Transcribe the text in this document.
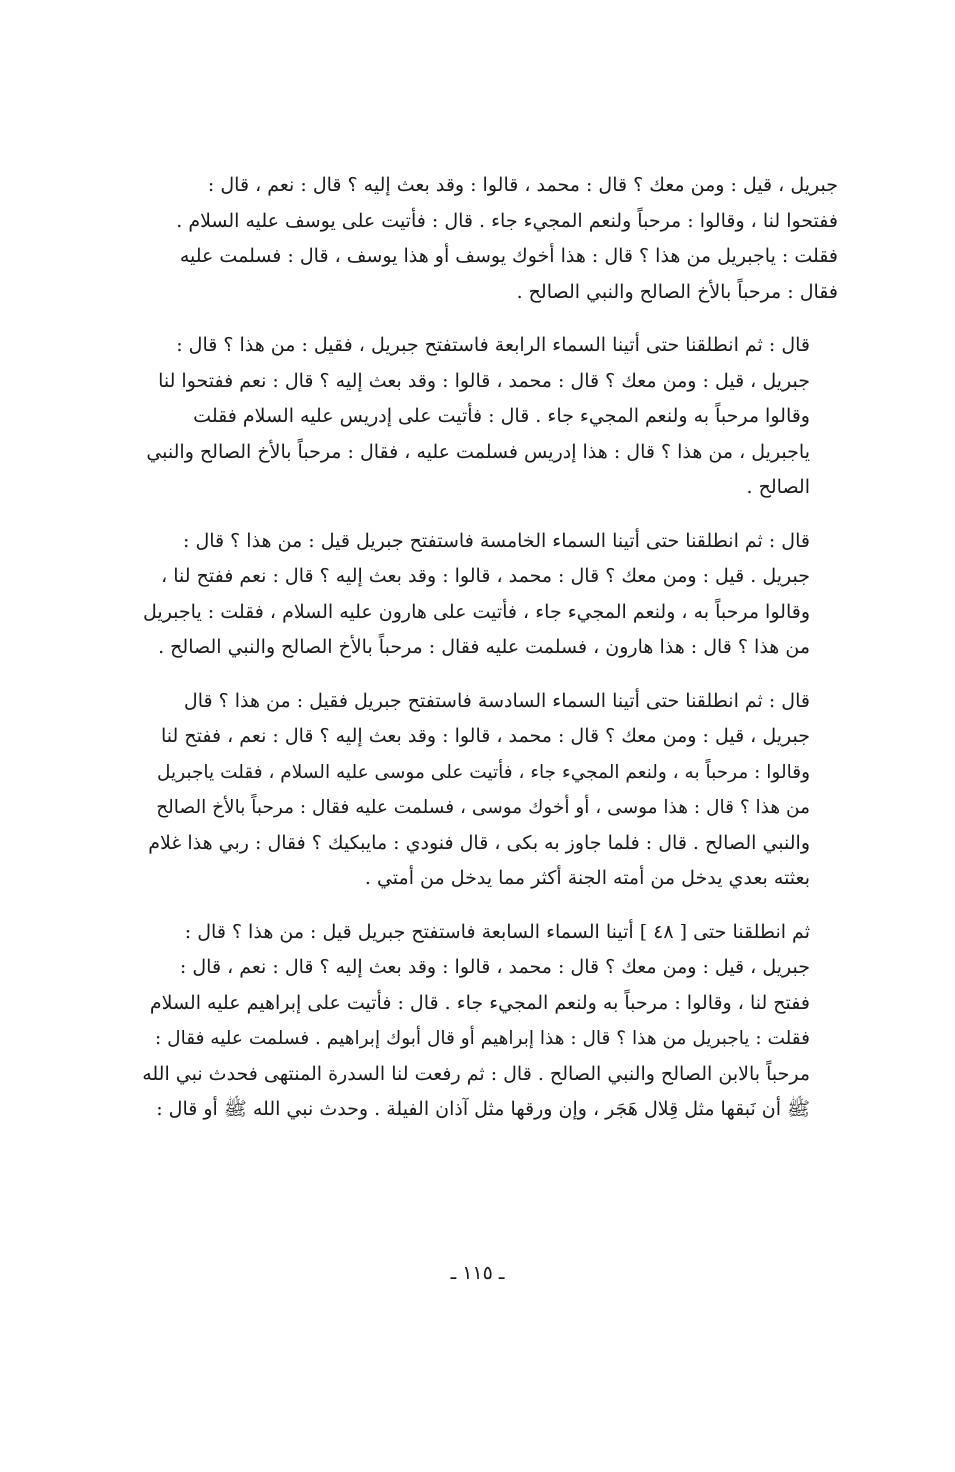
جبريل ، قيل : ومن معك ؟ قال : محمد ، قالوا : وقد بعث إليه ؟ قال : نعم ، قال :
ففتحوا لنا ، وقالوا : مرحباً ولنعم المجيء جاء . قال : فأتيت على يوسف عليه السلام .
فقلت : ياجبريل من هذا ؟ قال : هذا أخوك يوسف أو هذا يوسف ، قال : فسلمت عليه
فقال : مرحباً بالأخ الصالح والنبي الصالح .

قال : ثم انطلقنا حتى أتينا السماء الرابعة فاستفتح جبريل ، فقيل : من هذا ؟ قال :
جبريل ، قيل : ومن معك ؟ قال : محمد ، قالوا : وقد بعث إليه ؟ قال : نعم ففتحوا لنا
وقالوا مرحباً به ولنعم المجيء جاء . قال : فأتيت على إدريس عليه السلام فقلت
ياجبريل ، من هذا ؟ قال : هذا إدريس فسلمت عليه ، فقال : مرحباً بالأخ الصالح والنبي
الصالح .

قال : ثم انطلقنا حتى أتينا السماء الخامسة فاستفتح جبريل قيل : من هذا ؟ قال :
جبريل . قيل : ومن معك ؟ قال : محمد ، قالوا : وقد بعث إليه ؟ قال : نعم ففتح لنا ،
وقالوا مرحباً به ، ولنعم المجيء جاء ، فأتيت على هارون عليه السلام ، فقلت : ياجبريل
من هذا ؟ قال : هذا هارون ، فسلمت عليه فقال : مرحباً بالأخ الصالح والنبي الصالح .

قال : ثم انطلقنا حتى أتينا السماء السادسة فاستفتح جبريل فقيل : من هذا ؟ قال
جبريل ، قيل : ومن معك ؟ قال : محمد ، قالوا : وقد بعث إليه ؟ قال : نعم ، ففتح لنا
وقالوا : مرحباً به ، ولنعم المجيء جاء ، فأتيت على موسى عليه السلام ، فقلت ياجبريل
من هذا ؟ قال : هذا موسى ، أو أخوك موسى ، فسلمت عليه فقال : مرحباً بالأخ الصالح
والنبي الصالح . قال : فلما جاوز به بكى ، قال فنودي : مايبكيك ؟ فقال : ربي هذا غلام
بعثته بعدي يدخل من أمته الجنة أكثر مما يدخل من أمتي .

ثم انطلقنا حتى [ ٤٨ ] أتينا السماء السابعة فاستفتح جبريل قيل : من هذا ؟ قال :
جبريل ، قيل : ومن معك ؟ قال : محمد ، قالوا : وقد بعث إليه ؟ قال : نعم ، قال :
ففتح لنا ، وقالوا : مرحباً به ولنعم المجيء جاء . قال : فأتيت على إبراهيم عليه السلام
فقلت : ياجبريل من هذا ؟ قال : هذا إبراهيم أو قال أبوك إبراهيم . فسلمت عليه فقال :
مرحباً بالابن الصالح والنبي الصالح . قال : ثم رفعت لنا السدرة المنتهى فحدث نبي الله
ﷺ أن نَبقها مثل قِلال هَجَر ، وإن ورقها مثل آذان الفيلة . وحدث نبي الله ﷺ أو قال :

ـ ١١٥ ـ
